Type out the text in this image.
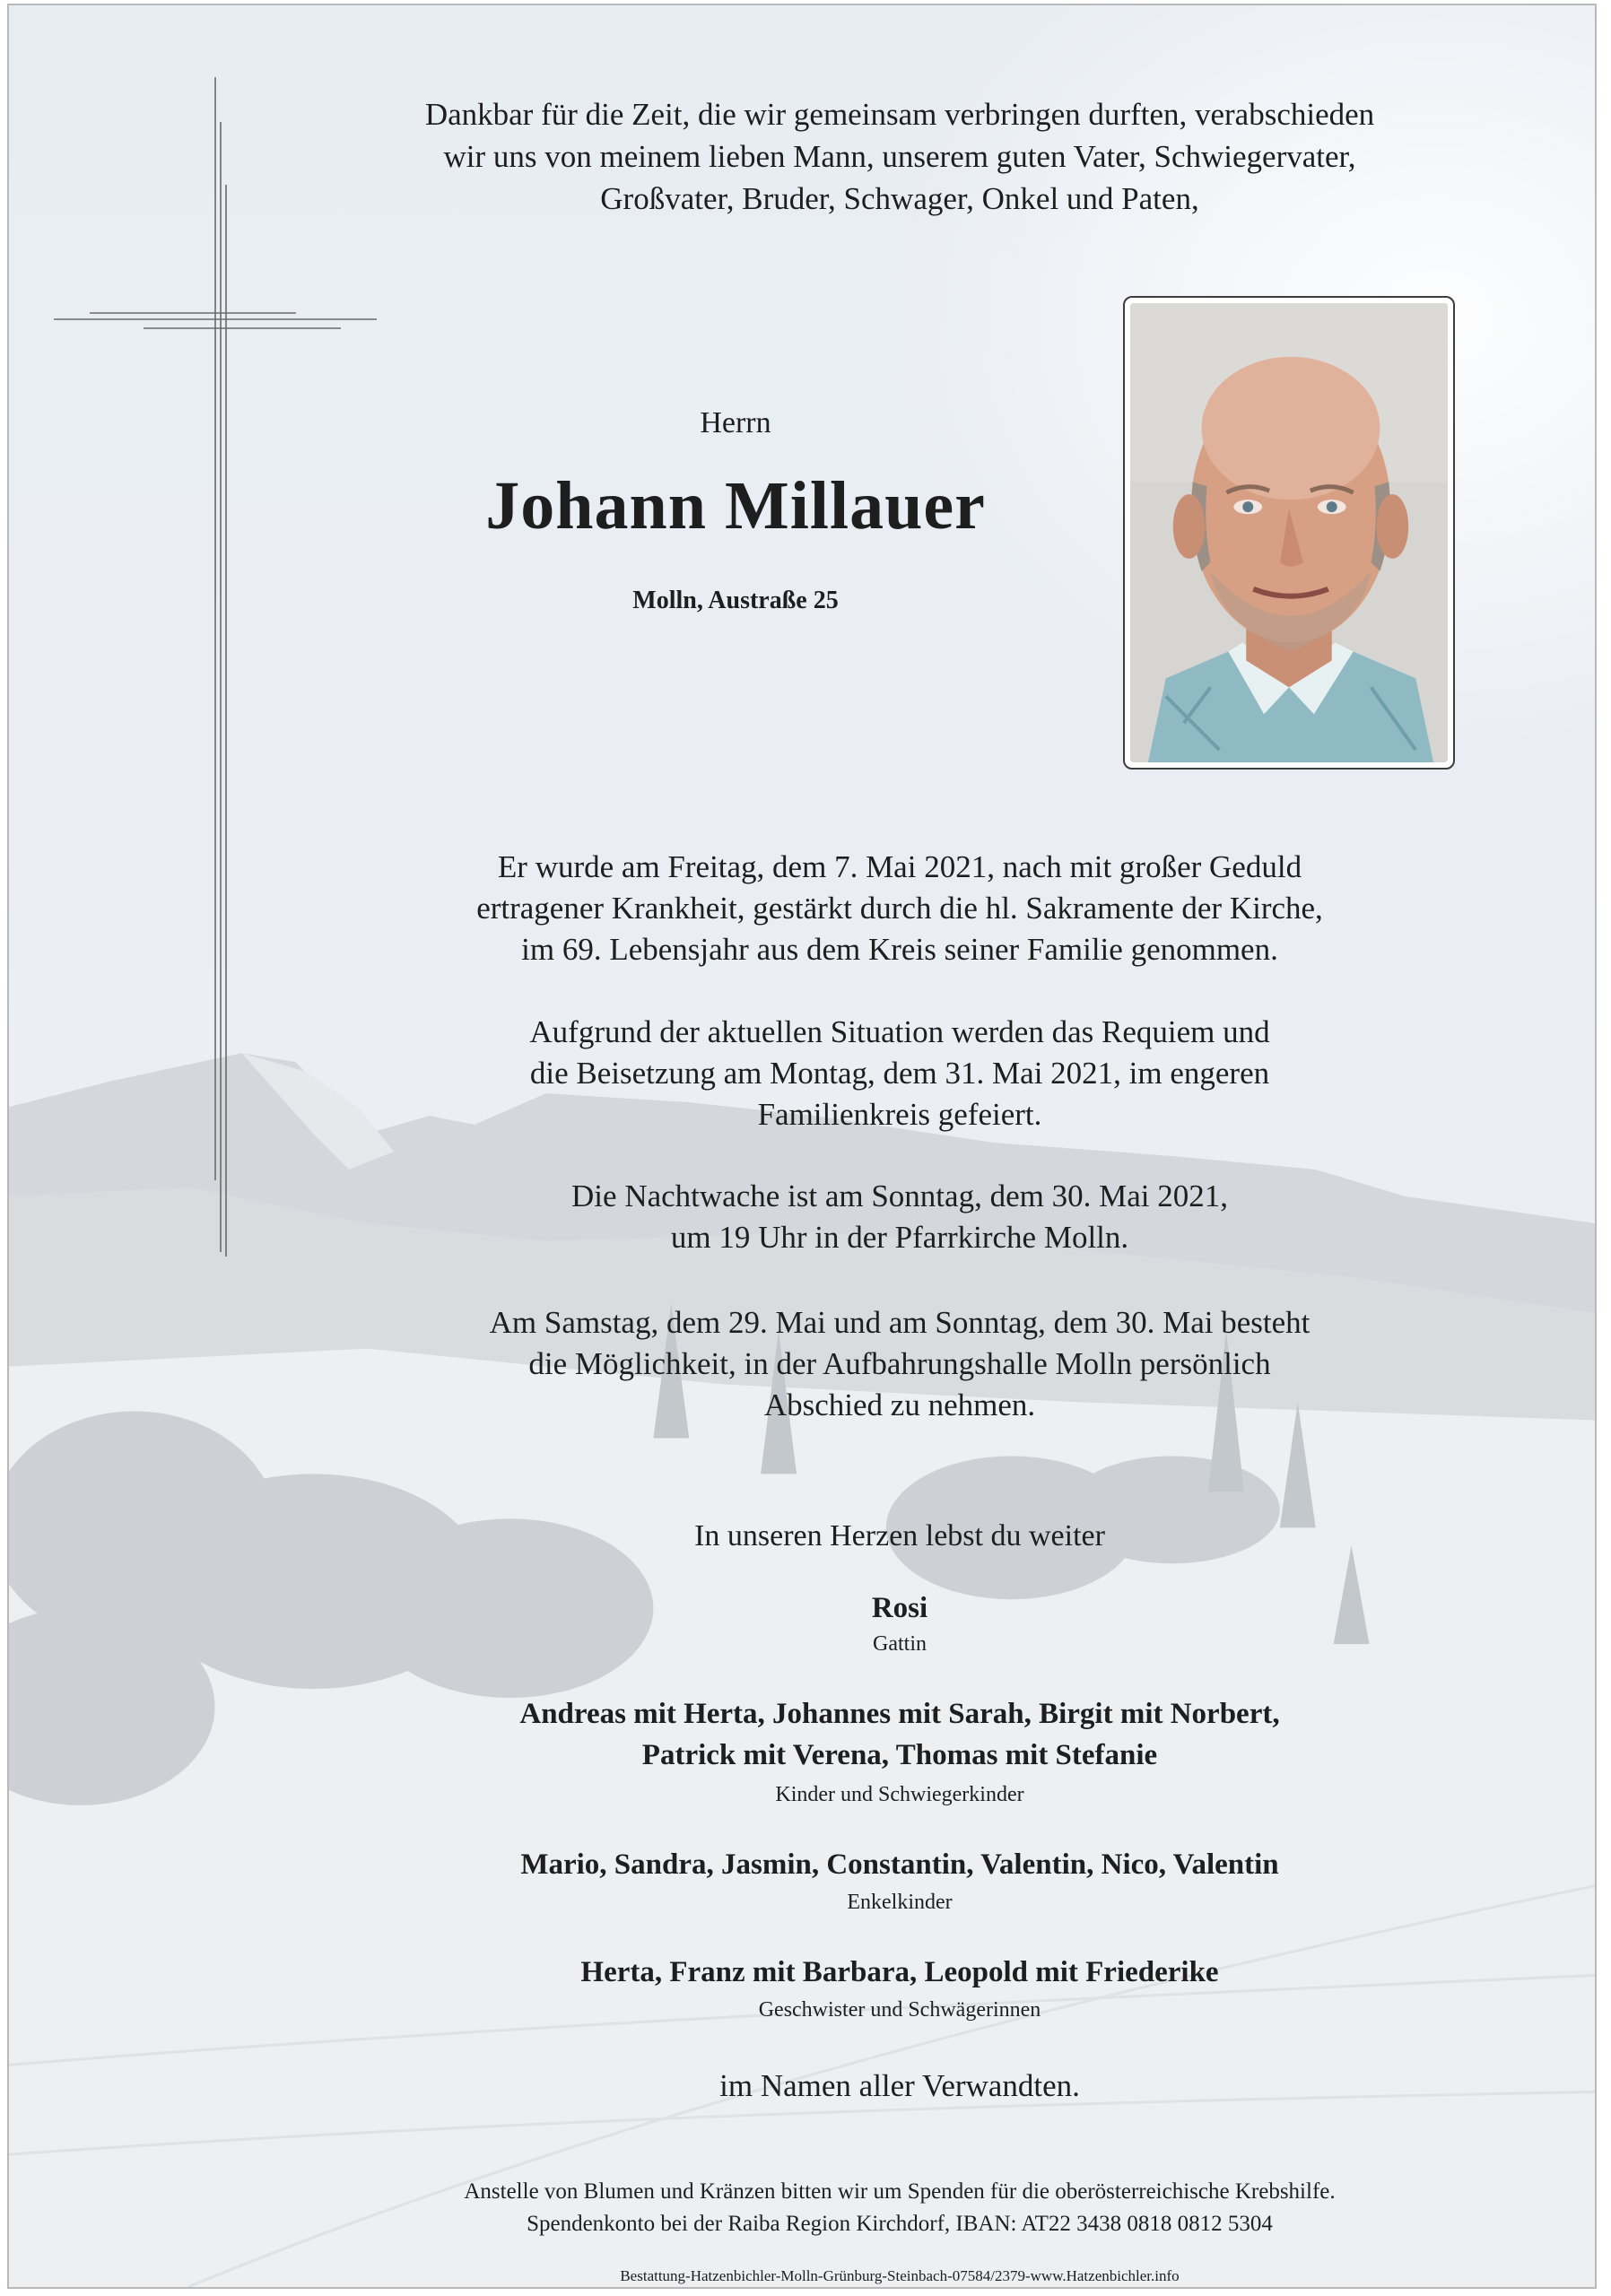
Dankbar für die Zeit, die wir gemeinsam verbringen durften, verabschieden
wir uns von meinem lieben Mann, unserem guten Vater, Schwiegervater,
Großvater, Bruder, Schwager, Onkel und Paten,
Herrn
Johann Millauer
Molln, Austraße 25
Er wurde am Freitag, dem 7. Mai 2021, nach mit großer Geduld
ertragener Krankheit, gestärkt durch die hl. Sakramente der Kirche,
im 69. Lebensjahr aus dem Kreis seiner Familie genommen.
Aufgrund der aktuellen Situation werden das Requiem und
die Beisetzung am Montag, dem 31. Mai 2021, im engeren
Familienkreis gefeiert.
Die Nachtwache ist am Sonntag, dem 30. Mai 2021,
um 19 Uhr in der Pfarrkirche Molln.
Am Samstag, dem 29. Mai und am Sonntag, dem 30. Mai besteht
die Möglichkeit, in der Aufbahrungshalle Molln persönlich
Abschied zu nehmen.
In unseren Herzen lebst du weiter
Rosi
Gattin
Andreas mit Herta, Johannes mit Sarah, Birgit mit Norbert,
Patrick mit Verena, Thomas mit Stefanie
Kinder und Schwiegerkinder
Mario, Sandra, Jasmin, Constantin, Valentin, Nico, Valentin
Enkelkinder
Herta, Franz mit Barbara, Leopold mit Friederike
Geschwister und Schwägerinnen
im Namen aller Verwandten.
Anstelle von Blumen und Kränzen bitten wir um Spenden für die oberösterreichische Krebshilfe.
Spendenkonto bei der Raiba Region Kirchdorf, IBAN: AT22 3438 0818 0812 5304
Bestattung-Hatzenbichler-Molln-Grünburg-Steinbach-07584/2379-www.Hatzenbichler.info
